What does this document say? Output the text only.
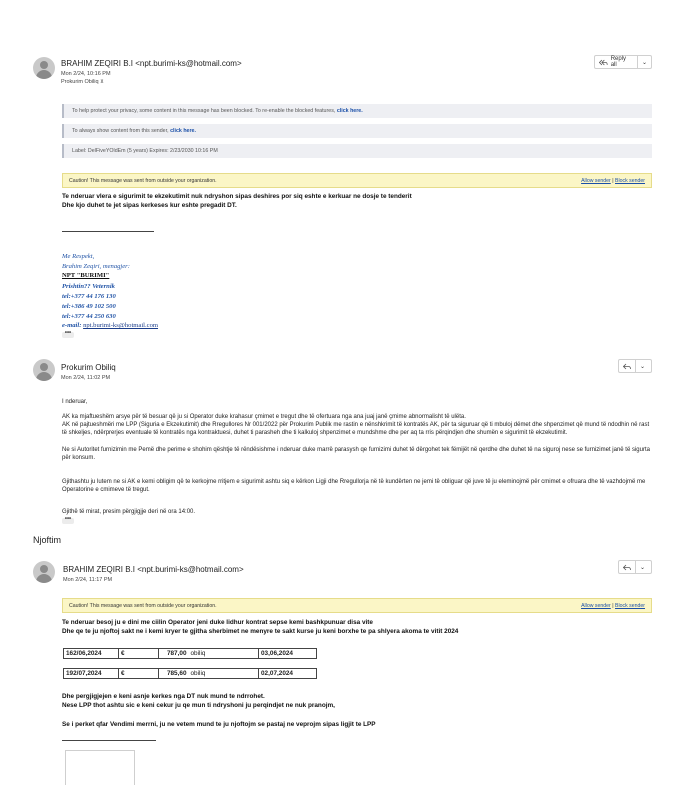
BRAHIM ZEQIRI B.I <npt.burimi-ks@hotmail.com>
Mon 2/24, 10:16 PM
Prokurim Obiliq ⊻
Reply all	⌄
To help protect your privacy, some content in this message has been blocked. To re-enable the blocked features,
click here.
To always show content from this sender,
click here.
Label: DelFiveYOldEm (5 years) Expires: 2/23/2030 10:16 PM
Caution! This message was sent from outside your organization.	Allow sender | Block sender
Te nderuar vlera e sigurimit te ekzekutimit nuk ndryshon sipas deshires por siq eshte e kerkuar ne dosje te tenderit
Dhe kjo duhet te jet sipas kerkeses kur eshte pregadit DT.
Me Respekt,
Brahim Zeqiri, menagjer:
NPT "BURIMI"
Prishtin?? Veternik
tel:+377 44 176 130
tel:+386 49 102 500
tel:+377 44 250 630
e-mail: npt.burimi-ks@hotmail.com
•••
Prokurim Obiliq
Mon 2/24, 11:02 PM
⌄
I nderuar,
AK ka mjaftueshëm arsye për të besuar që ju si Operator duke krahasur çmimet e tregut dhe të ofertuara nga ana juaj janë çmime abnormalisht të ulëta.
AK në pajtueshmëri me LPP (Siguria e Ekzekutimit) dhe Rregullores Nr 001/2022 për Prokurim Publik me rastin e nënshkrimit të kontratës AK, për ta siguruar që ti mbuloj dëmet dhe shpenzimet që mund të ndodhin në rast të shkeljes, ndërprerjes eventuale të kontratës nga kontraktuesi, duhet ti parasheh dhe ti kalkuloj shpenzimet e mundshme dhe per aq ta rris përqindjen dhe shumën e sigurimit të ekzekutimit.
Ne si Autoritet furnizimin me Pemë dhe perime e shohim qështje të rëndësishme i nderuar duke marrë parasysh qe furnizimi duhet të dërgohet tek fëmijët në qerdhe dhe duhet të na siguroj nese se furnizimet janë të sigurta për konsum.
Gjithashtu ju lutem ne si AK e kemi obligim që te kerkojme rritjem e sigurimit ashtu siq e kërkon Ligji dhe Rregullorja në të kundërten ne jemi të obliguar që juve të ju eleminojmë për cmimet e ofruara dhe të vazhdojmë me Operatorine e cmimeve të tregut.
Gjithë të mirat, presim përgjigjje deri në ora 14:00.
•••
Njoftim
BRAHIM ZEQIRI B.I <npt.burimi-ks@hotmail.com>
Mon 2/24, 11:17 PM
⌄
Caution! This message was sent from outside your organization.	Allow sender | Block sender
Te nderuar besoj ju e dini me ciilin Operator jeni duke lidhur kontrat sepse kemi bashkpunuar disa vite
Dhe qe te ju njoftoj sakt ne i kemi kryer te gjitha sherbimet ne menyre te sakt kurse ju keni borxhe te pa shlyera akoma te vitit 2024
162/06,2024	€	787,00	obiliq	03,06,2024

192/07,2024	€	785,60	obiliq	02,07,2024
Dhe pergjigjejen e keni asnje kerkes nga DT nuk mund te ndrrohet.
Nese LPP thot ashtu sic e keni cekur ju qe mun ti ndryshoni ju perqindjet ne nuk pranojm,
Se i perket qfar Vendimi merrni, ju ne vetem mund te ju njoftojm se pastaj ne veprojm sipas ligjit te LPP
